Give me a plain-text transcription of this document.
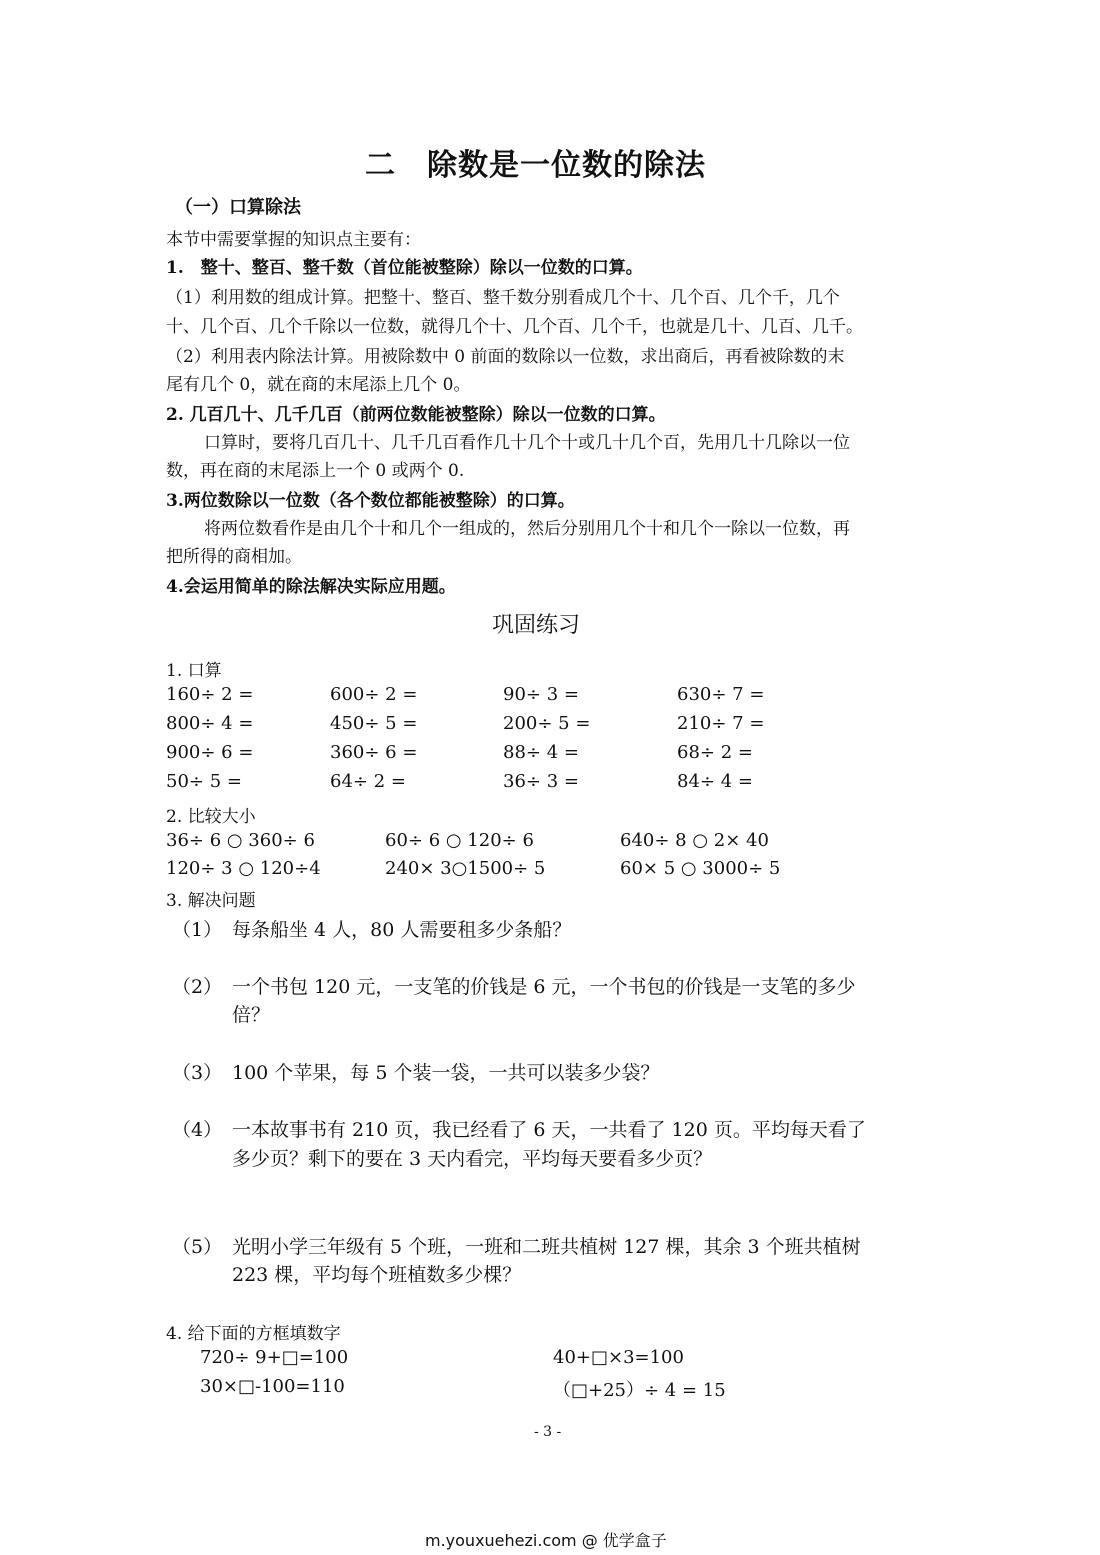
二　除数是一位数的除法
（一）口算除法
本节中需要掌握的知识点主要有：
1.　整十、整百、整千数（首位能被整除）除以一位数的口算。
（1）利用数的组成计算。把整十、整百、整千数分别看成几个十、几个百、几个千，几个
十、几个百、几个千除以一位数，就得几个十、几个百、几个千，也就是几十、几百、几千。
（2）利用表内除法计算。用被除数中 0 前面的数除以一位数，求出商后，再看被除数的末
尾有几个 0，就在商的末尾添上几个 0。
2. 几百几十、几千几百（前两位数能被整除）除以一位数的口算。
口算时，要将几百几十、几千几百看作几十几个十或几十几个百，先用几十几除以一位
数，再在商的末尾添上一个 0 或两个 0.
3.两位数除以一位数（各个数位都能被整除）的口算。
将两位数看作是由几个十和几个一组成的，然后分别用几个十和几个一除以一位数，再
把所得的商相加。
4.会运用简单的除法解决实际应用题。
巩固练习
1. 口算
160÷ 2 =	600÷ 2 =	90÷ 3 =	630÷ 7 =
800÷ 4 =	450÷ 5 =	200÷ 5 =	210÷ 7 =
900÷ 6 =	360÷ 6 =	88÷ 4 =	68÷ 2 =
50÷ 5 =	64÷ 2 =	36÷ 3 =	84÷ 4 =
2. 比较大小
36÷ 6 ○ 360÷ 6	60÷ 6 ○ 120÷ 6	640÷ 8 ○ 2× 40
120÷ 3 ○ 120÷4	240× 3○1500÷ 5	60× 5 ○ 3000÷ 5
3. 解决问题
（1） 每条船坐 4 人，80 人需要租多少条船？
（2） 一个书包 120 元，一支笔的价钱是 6 元，一个书包的价钱是一支笔的多少
倍？
（3） 100 个苹果，每 5 个装一袋，一共可以装多少袋？
（4） 一本故事书有 210 页，我已经看了 6 天，一共看了 120 页。平均每天看了
多少页？剩下的要在 3 天内看完，平均每天要看多少页？
（5） 光明小学三年级有 5 个班，一班和二班共植树 127 棵，其余 3 个班共植树
223 棵，平均每个班植数多少棵？
4. 给下面的方框填数字
720÷ 9+□=100	40+□×3=100
30×□-100=110	（□+25）÷ 4 = 15
- 3 -
m.youxuehezi.com @ 优学盒子
